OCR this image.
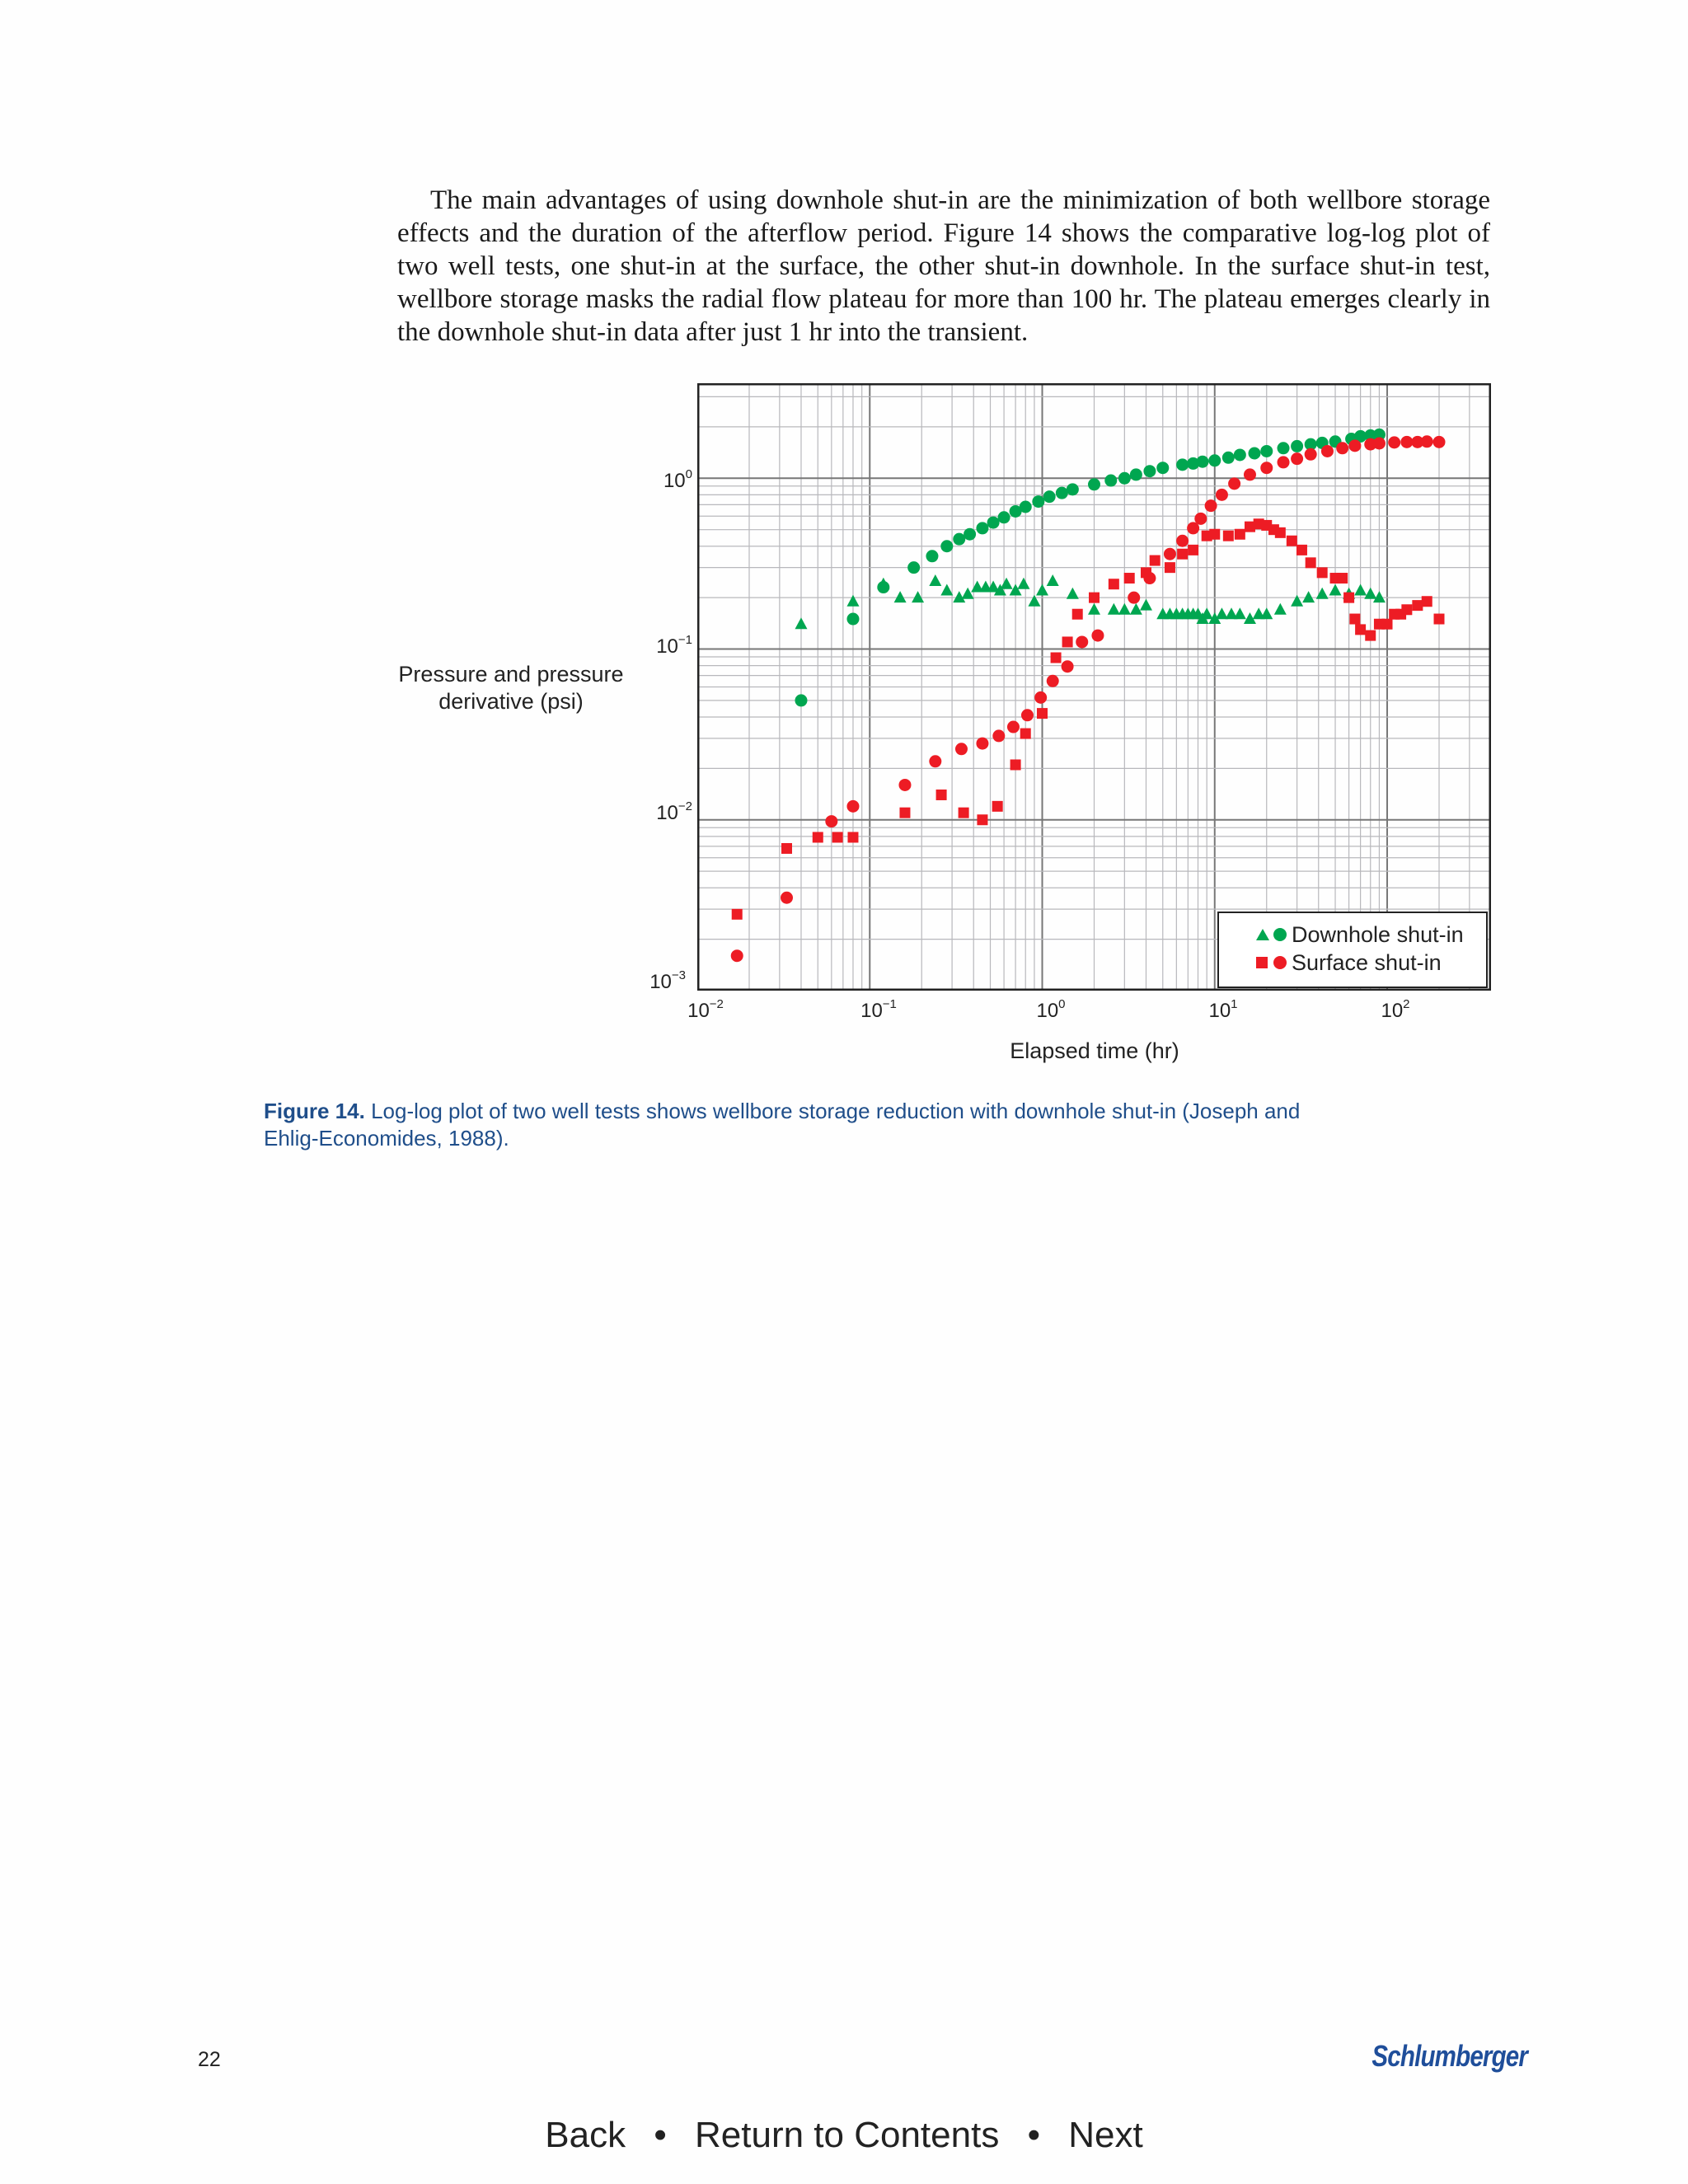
The main advantages of using downhole shut-in are the minimization of both wellbore storage effects and the duration of the afterflow period. Figure 14 shows the comparative log-log plot of two well tests, one shut-in at the surface, the other shut-in downhole. In the surface shut-in test, wellbore storage masks the radial flow plateau for more than 100 hr. The plateau emerges clearly in the downhole shut-in data after just 1 hr into the transient.

Pressure and pressure derivative (psi)
$10^0$
$10^{-1}$
$10^{-2}$
$10^{-3}$
Downhole shut-in
Surface shut-in
$10^{-2}$	$10^{-1}$	$10^0$	$10^1$	$10^2$
Elapsed time (hr)
Figure 14. Log-log plot of two well tests shows wellbore storage reduction with downhole shut-in (Joseph and Ehlig-Economides, 1988).
22	Schlumberger
Back • Return to Contents • Next
